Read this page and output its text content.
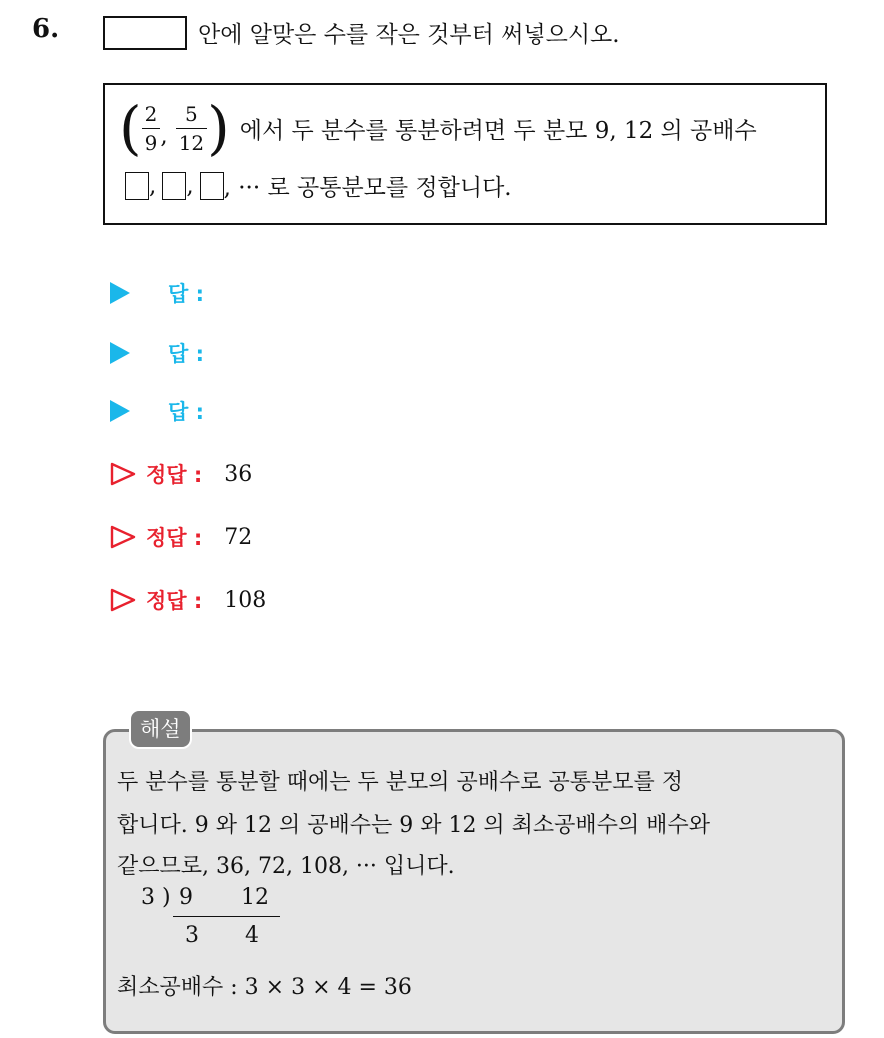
6.	안에 알맞은 수를 작은 것부터 써넣으시오.
( $\frac{2}{9}$ , $\frac{5}{12}$ ) 에서 두 분수를 통분하려면 두 분모 9, 12 의 공배수
, , , ··· 로 공통분모를 정합니다.
답 :
답 :
답 :
정답 : 36
정답 : 72
정답 : 108
해설
두 분수를 통분할 때에는 두 분모의 공배수로 공통분모를 정
합니다. 9 와 12 의 공배수는 9 와 12 의 최소공배수의 배수와
같으므로, 36, 72, 108, ··· 입니다.
3 ) 9 12
3 4
최소공배수 : 3 × 3 × 4 = 36
